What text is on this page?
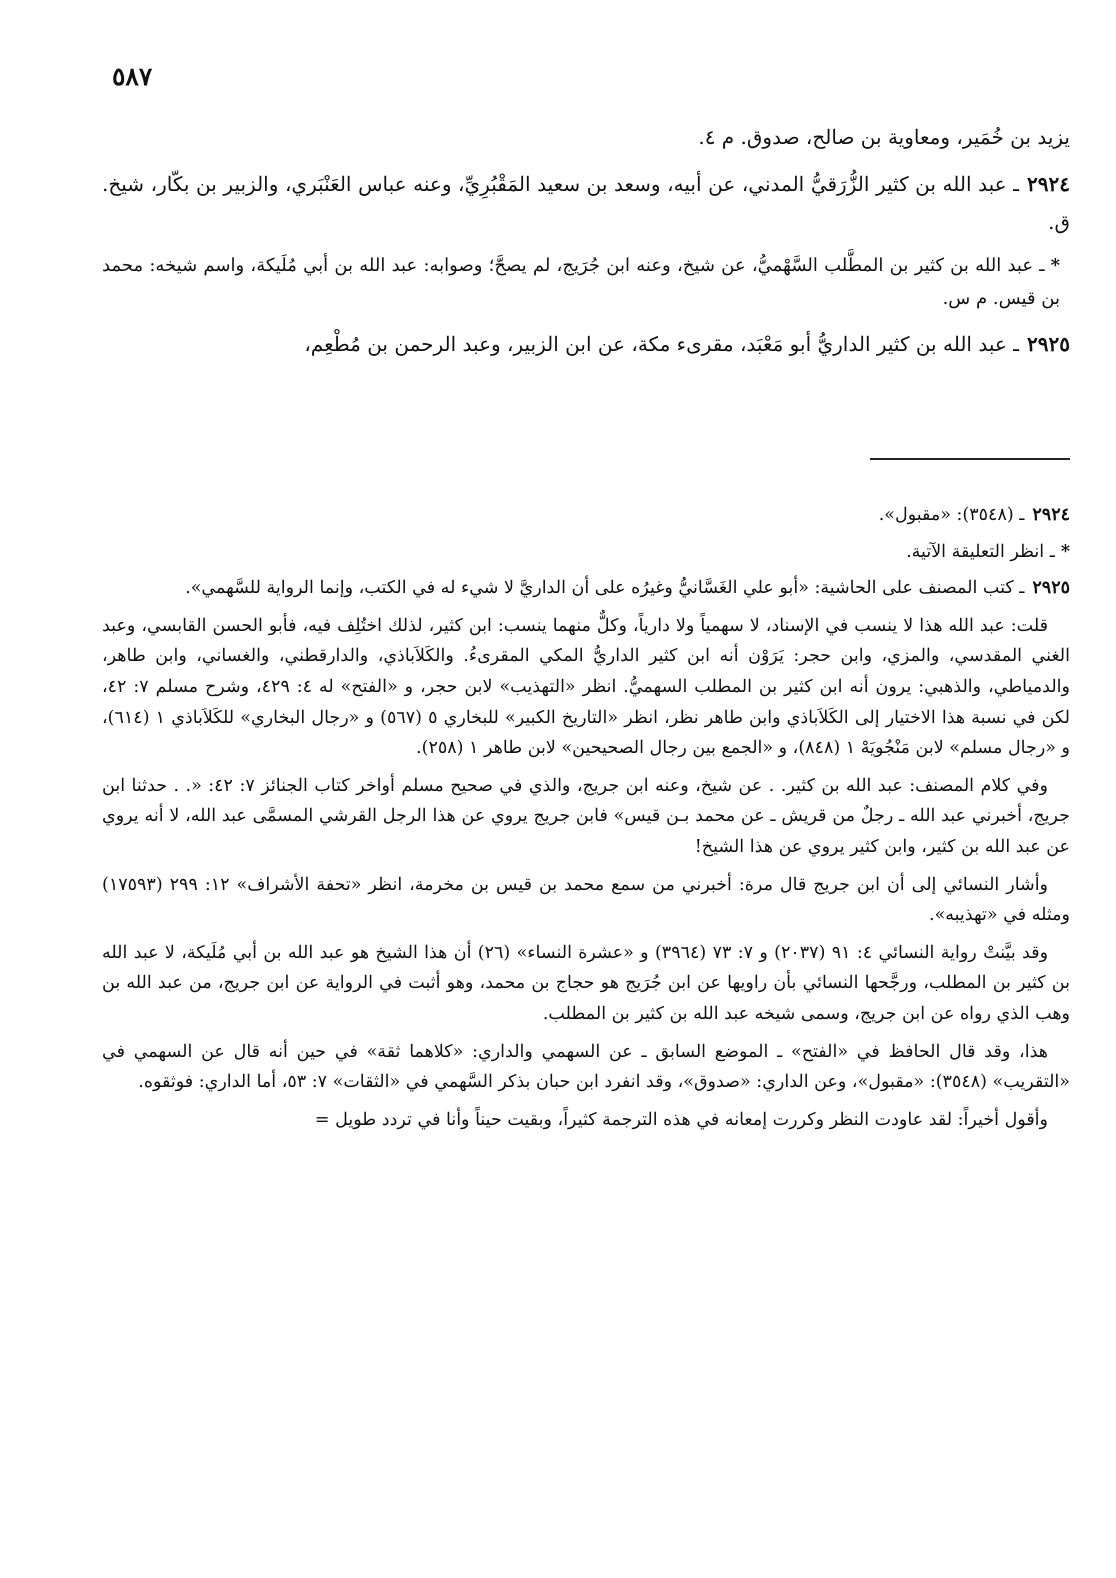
٥٨٧

يزيد بن خُمَير، ومعاوية بن صالح، صدوق. م ٤.

٢٩٢٤ـ عبد الله بن كثير الزُّرَقيُّ المدني، عن أبيه، وسعد بن سعيد المَقْبُرِيِّ، وعنه عباس العَنْبَري، والزبير بن بكّار، شيخ. ق.

*ـ عبد الله بن كثير بن المطَّلب السَّهْميُّ، عن شيخ، وعنه ابن جُرَيج، لم يصحَّ؛ وصوابه: عبد الله بن أبي مُلَيكة، واسم شيخه: محمد بن قيس. م س.

٢٩٢٥ـ عبد الله بن كثير الداريُّ أبو مَعْبَد، مقرىء مكة، عن ابن الزبير، وعبد الرحمن بن مُطْعِم،

٢٩٢٤ـ (٣٥٤٨): «مقبول».

*ـ انظر التعليقة الآتية.

٢٩٢٥ـ كتب المصنف على الحاشية: «أبو علي الغَسَّانيُّ وغيرُه على أن الداريَّ لا شيء له في الكتب، وإنما الرواية للسَّهمي».

قلت: عبد الله هذا لا ينسب في الإسناد، لا سهمياً ولا دارياً، وكلٌّ منهما ينسب: ابن كثير، لذلك اختُلِف فيه، فأبو الحسن القابسي، وعبد الغني المقدسي، والمزي، وابن حجر: يَرَوْن أنه ابن كثير الداريُّ المكي المقرىءُ. والكَلاَباذي، والدارقطني، والغساني، وابن طاهر، والدمياطي، والذهبي: يرون أنه ابن كثير بن المطلب السهميُّ. انظر «التهذيب» لابن حجر، و «الفتح» له ٤: ٤٢٩، وشرح مسلم ٧: ٤٢، لكن في نسبة هذا الاختيار إلى الكَلاَباذي وابن طاهر نظر، انظر «التاريخ الكبير» للبخاري ٥ (٥٦٧) و «رجال البخاري» للكَلاَباذي ١ (٦١٤)، و «رجال مسلم» لابن مَنْجُويَهْ ١ (٨٤٨)، و «الجمع بين رجال الصحيحين» لابن طاهر ١ (٢٥٨).

وفي كلام المصنف: عبد الله بن كثير. . عن شيخ، وعنه ابن جريج، والذي في صحيح مسلم أواخر كتاب الجنائز ٧: ٤٢: «. . حدثنا ابن جريج، أخبرني عبد الله ـ رجلٌ من قريش ـ عن محمد بـن قيس» فابن جريج يروي عن هذا الرجل القرشي المسمَّى عبد الله، لا أنه يروي عن عبد الله بن كثير، وابن كثير يروي عن هذا الشيخ!

وأشار النسائي إلى أن ابن جريج قال مرة: أخبرني من سمع محمد بن قيس بن مخرمة، انظر «تحفة الأشراف» ١٢: ٢٩٩ (١٧٥٩٣) ومثله في «تهذيبه».

وقد بيَّنتْ رواية النسائي ٤: ٩١ (٢٠٣٧) و ٧: ٧٣ (٣٩٦٤) و «عشرة النساء» (٢٦) أن هذا الشيخ هو عبد الله بن أبي مُلَيكة، لا عبد الله بن كثير بن المطلب، ورجَّحها النسائي بأن راويها عن ابن جُرَيج هو حجاج بن محمد، وهو أثبت في الرواية عن ابن جريج، من عبد الله بن وهب الذي رواه عن ابن جريج، وسمى شيخه عبد الله بن كثير بن المطلب.

هذا، وقد قال الحافظ في «الفتح» ـ الموضع السابق ـ عن السهمي والداري: «كلاهما ثقة» في حين أنه قال عن السهمي في «التقريب» (٣٥٤٨): «مقبول»، وعن الداري: «صدوق»، وقد انفرد ابن حبان بذكر السَّهمي في «الثقات» ٧: ٥٣، أما الداري: فوثقوه.

وأقول أخيراً: لقد عاودت النظر وكررت إمعانه في هذه الترجمة كثيراً، وبقيت حيناً وأنا في تردد طويل =
